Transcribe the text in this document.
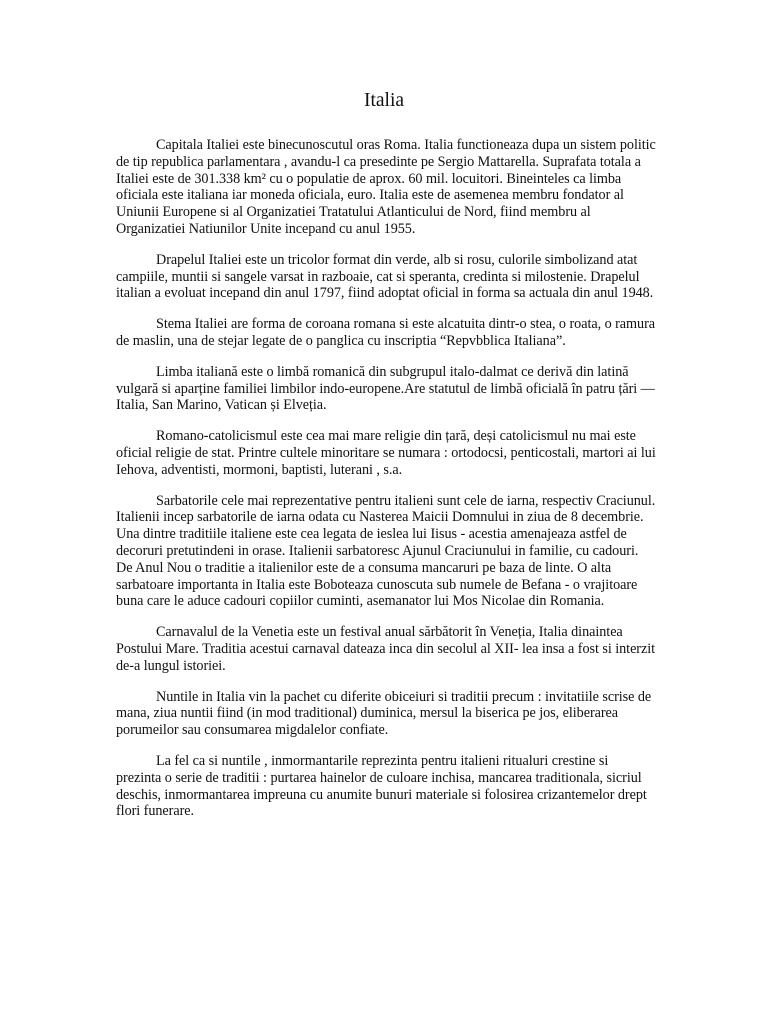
Italia

Capitala Italiei este binecunoscutul oras Roma. Italia functioneaza dupa un sistem politic de tip republica parlamentara , avandu-l ca presedinte pe Sergio Mattarella. Suprafata totala a Italiei este de 301.338 km² cu o populatie de aprox. 60 mil. locuitori. Bineinteles ca limba oficiala este italiana iar moneda oficiala, euro. Italia este de asemenea membru fondator al Uniunii Europene si al Organizatiei Tratatului Atlanticului de Nord, fiind membru al Organizatiei Natiunilor Unite incepand cu anul 1955.

Drapelul Italiei este un tricolor format din verde, alb si rosu, culorile simbolizand atat campiile, muntii si sangele varsat in razboaie, cat si speranta, credinta si milostenie. Drapelul italian a evoluat incepand din anul 1797, fiind adoptat oficial in forma sa actuala din anul 1948.

Stema Italiei are forma de coroana romana si este alcatuita dintr-o stea, o roata, o ramura de maslin, una de stejar legate de o panglica cu inscriptia “Repvbblica Italiana”.

Limba italiană este o limbă romanică din subgrupul italo-dalmat ce derivă din latină vulgară si aparține familiei limbilor indo-europene.Are statutul de limbă oficială în patru țări — Italia, San Marino, Vatican și Elveția.

Romano-catolicismul este cea mai mare religie din țară, deși catolicismul nu mai este oficial religie de stat. Printre cultele minoritare se numara : ortodocsi, penticostali, martori ai lui Iehova, adventisti, mormoni, baptisti, luterani , s.a.

Sarbatorile cele mai reprezentative pentru italieni sunt cele de iarna, respectiv Craciunul. Italienii incep sarbatorile de iarna odata cu Nasterea Maicii Domnului in ziua de 8 decembrie. Una dintre traditiile italiene este cea legata de ieslea lui Iisus - acestia amenajeaza astfel de decoruri pretutindeni in orase. Italienii sarbatoresc Ajunul Craciunului in familie, cu cadouri. De Anul Nou o traditie a italienilor este de a consuma mancaruri pe baza de linte. O alta sarbatoare importanta in Italia este Boboteaza cunoscuta sub numele de Befana - o vrajitoare buna care le aduce cadouri copiilor cuminti, asemanator lui Mos Nicolae din Romania.

Carnavalul de la Venetia este un festival anual sărbătorit în Veneția, Italia dinaintea Postului Mare. Traditia acestui carnaval dateaza inca din secolul al XII- lea insa a fost si interzit de-a lungul istoriei.

Nuntile in Italia vin la pachet cu diferite obiceiuri si traditii precum : invitatiile scrise de mana, ziua nuntii fiind (in mod traditional) duminica, mersul la biserica pe jos, eliberarea porumeilor sau consumarea migdalelor confiate.

La fel ca si nuntile , inmormantarile reprezinta pentru italieni ritualuri crestine si prezinta o serie de traditii : purtarea hainelor de culoare inchisa, mancarea traditionala, sicriul deschis, inmormantarea impreuna cu anumite bunuri materiale si folosirea crizantemelor drept flori funerare.
